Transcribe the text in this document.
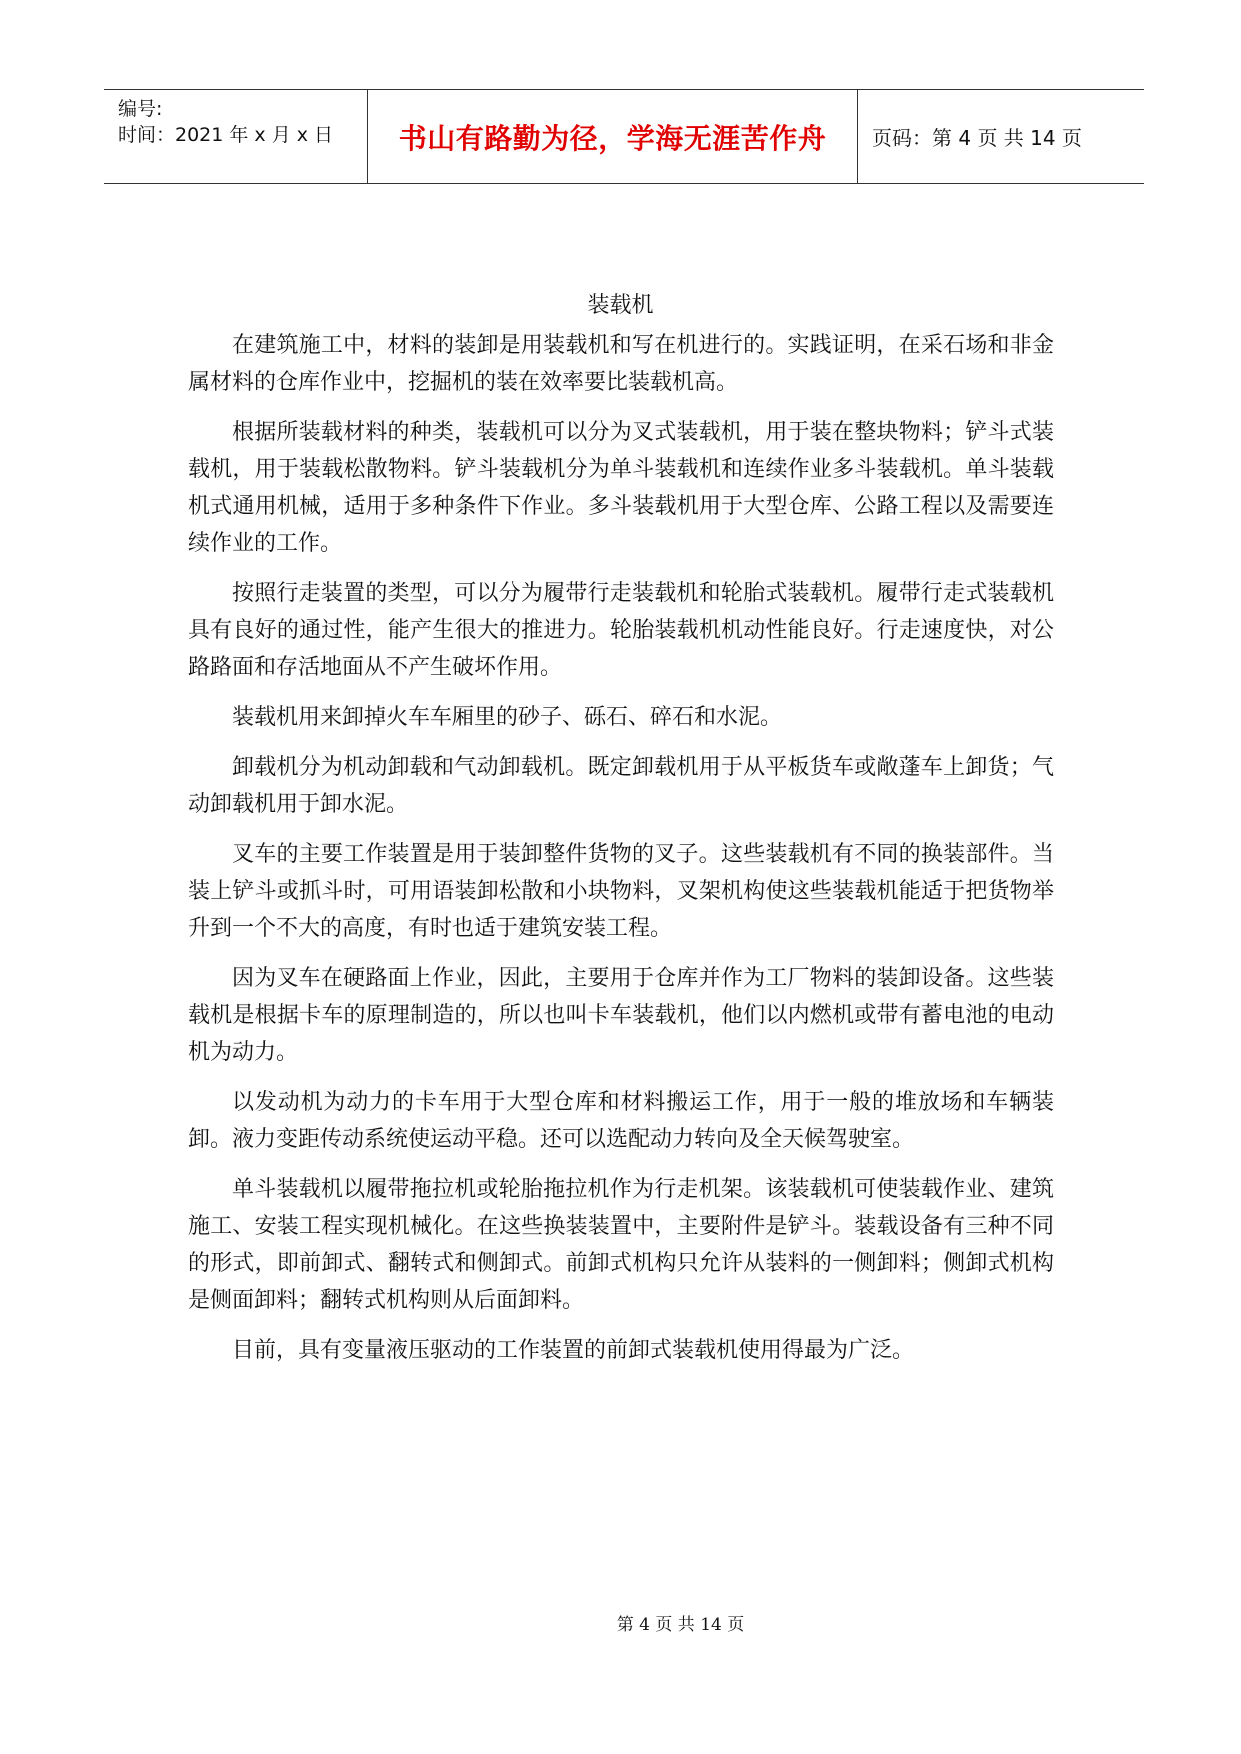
编号:
时间：2021 年 x 月 x 日 书山有路勤为径，学海无涯苦作舟 页码：第 4 页 共 14 页
装载机

在建筑施工中，材料的装卸是用装载机和写在机进行的。实践证明，在采石场和非金属材料的仓库作业中，挖掘机的装在效率要比装载机高。

根据所装载材料的种类，装载机可以分为叉式装载机，用于装在整块物料；铲斗式装载机，用于装载松散物料。铲斗装载机分为单斗装载机和连续作业多斗装载机。单斗装载机式通用机械，适用于多种条件下作业。多斗装载机用于大型仓库、公路工程以及需要连续作业的工作。

按照行走装置的类型，可以分为履带行走装载机和轮胎式装载机。履带行走式装载机具有良好的通过性，能产生很大的推进力。轮胎装载机机动性能良好。行走速度快，对公路路面和存活地面从不产生破坏作用。

装载机用来卸掉火车车厢里的砂子、砾石、碎石和水泥。

卸载机分为机动卸载和气动卸载机。既定卸载机用于从平板货车或敞蓬车上卸货；气动卸载机用于卸水泥。

叉车的主要工作装置是用于装卸整件货物的叉子。这些装载机有不同的换装部件。当装上铲斗或抓斗时，可用语装卸松散和小块物料，叉架机构使这些装载机能适于把货物举升到一个不大的高度，有时也适于建筑安装工程。

因为叉车在硬路面上作业，因此，主要用于仓库并作为工厂物料的装卸设备。这些装载机是根据卡车的原理制造的，所以也叫卡车装载机，他们以内燃机或带有蓄电池的电动机为动力。

以发动机为动力的卡车用于大型仓库和材料搬运工作，用于一般的堆放场和车辆装卸。液力变距传动系统使运动平稳。还可以选配动力转向及全天候驾驶室。

单斗装载机以履带拖拉机或轮胎拖拉机作为行走机架。该装载机可使装载作业、建筑施工、安装工程实现机械化。在这些换装装置中，主要附件是铲斗。装载设备有三种不同的形式，即前卸式、翻转式和侧卸式。前卸式机构只允许从装料的一侧卸料；侧卸式机构是侧面卸料；翻转式机构则从后面卸料。

目前，具有变量液压驱动的工作装置的前卸式装载机使用得最为广泛。

第 4 页 共 14 页
